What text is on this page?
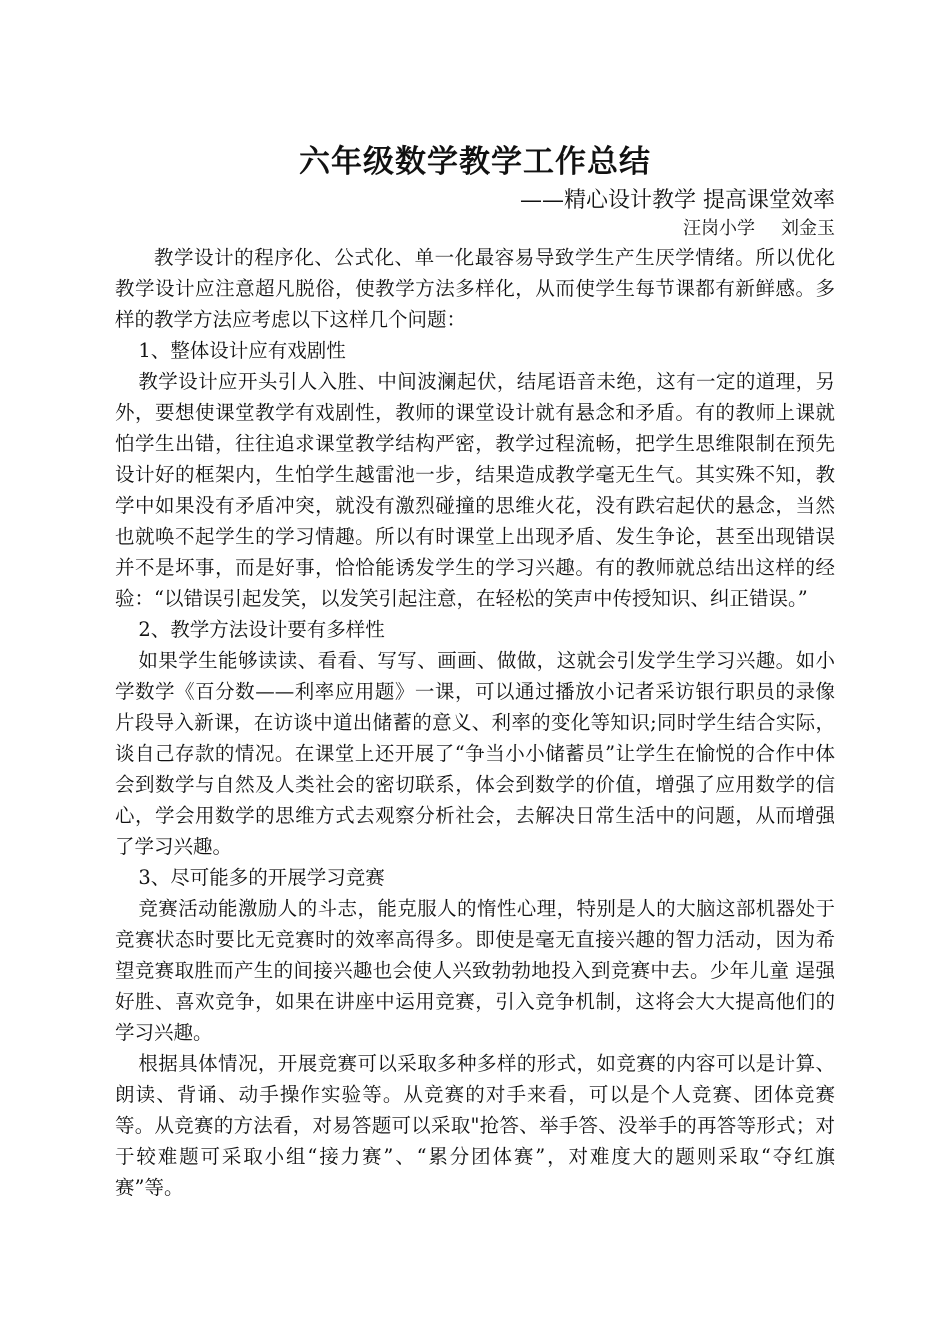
六年级数学教学工作总结

——精心设计教学 提高课堂效率

汪岗小学 刘金玉

教学设计的程序化、公式化、单一化最容易导致学生产生厌学情绪。所以优化教学设计应注意超凡脱俗，使教学方法多样化，从而使学生每节课都有新鲜感。多样的教学方法应考虑以下这样几个问题：

1、整体设计应有戏剧性

教学设计应开头引人入胜、中间波澜起伏，结尾语音未绝，这有一定的道理，另外，要想使课堂教学有戏剧性，教师的课堂设计就有悬念和矛盾。有的教师上课就怕学生出错，往往追求课堂教学结构严密，教学过程流畅，把学生思维限制在预先设计好的框架内，生怕学生越雷池一步，结果造成教学毫无生气。其实殊不知，教学中如果没有矛盾冲突，就没有激烈碰撞的思维火花，没有跌宕起伏的悬念，当然也就唤不起学生的学习情趣。所以有时课堂上出现矛盾、发生争论，甚至出现错误并不是坏事，而是好事，恰恰能诱发学生的学习兴趣。有的教师就总结出这样的经验：“以错误引起发笑，以发笑引起注意，在轻松的笑声中传授知识、纠正错误。”

2、教学方法设计要有多样性

如果学生能够读读、看看、写写、画画、做做，这就会引发学生学习兴趣。如小学数学《百分数——利率应用题》一课，可以通过播放小记者采访银行职员的录像片段导入新课，在访谈中道出储蓄的意义、利率的变化等知识;同时学生结合实际，谈自己存款的情况。在课堂上还开展了“争当小小储蓄员”让学生在愉悦的合作中体会到数学与自然及人类社会的密切联系，体会到数学的价值，增强了应用数学的信心，学会用数学的思维方式去观察分析社会，去解决日常生活中的问题，从而增强了学习兴趣。

3、尽可能多的开展学习竞赛

竞赛活动能激励人的斗志，能克服人的惰性心理，特别是人的大脑这部机器处于竞赛状态时要比无竞赛时的效率高得多。即使是毫无直接兴趣的智力活动，因为希望竞赛取胜而产生的间接兴趣也会使人兴致勃勃地投入到竞赛中去。少年儿童 逞强好胜、喜欢竞争，如果在讲座中运用竞赛，引入竞争机制，这将会大大提高他们的学习兴趣。

根据具体情况，开展竞赛可以采取多种多样的形式，如竞赛的内容可以是计算、朗读、背诵、动手操作实验等。从竞赛的对手来看，可以是个人竞赛、团体竞赛等。从竞赛的方法看，对易答题可以采取"抢答、举手答、没举手的再答等形式；对于较难题可采取小组“接力赛”、“累分团体赛”，对难度大的题则采取“夺红旗赛”等。
